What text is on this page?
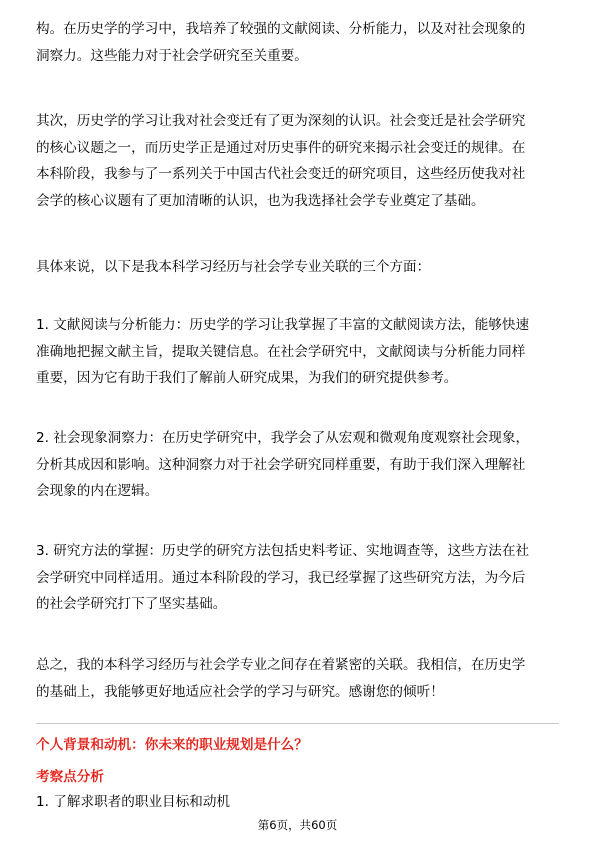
构。在历史学的学习中，我培养了较强的文献阅读、分析能力，以及对社会现象的
洞察力。这些能力对于社会学研究至关重要。
其次，历史学的学习让我对社会变迁有了更为深刻的认识。社会变迁是社会学研究
的核心议题之一，而历史学正是通过对历史事件的研究来揭示社会变迁的规律。在
本科阶段，我参与了一系列关于中国古代社会变迁的研究项目，这些经历使我对社
会学的核心议题有了更加清晰的认识，也为我选择社会学专业奠定了基础。
具体来说，以下是我本科学习经历与社会学专业关联的三个方面：
1. 文献阅读与分析能力：历史学的学习让我掌握了丰富的文献阅读方法，能够快速
准确地把握文献主旨，提取关键信息。在社会学研究中，文献阅读与分析能力同样
重要，因为它有助于我们了解前人研究成果，为我们的研究提供参考。
2. 社会现象洞察力：在历史学研究中，我学会了从宏观和微观角度观察社会现象，
分析其成因和影响。这种洞察力对于社会学研究同样重要，有助于我们深入理解社
会现象的内在逻辑。
3. 研究方法的掌握：历史学的研究方法包括史料考证、实地调查等，这些方法在社
会学研究中同样适用。通过本科阶段的学习，我已经掌握了这些研究方法，为今后
的社会学研究打下了坚实基础。
总之，我的本科学习经历与社会学专业之间存在着紧密的关联。我相信，在历史学
的基础上，我能够更好地适应社会学的学习与研究。感谢您的倾听！
个人背景和动机：你未来的职业规划是什么？
考察点分析
1. 了解求职者的职业目标和动机
第6页，共60页
